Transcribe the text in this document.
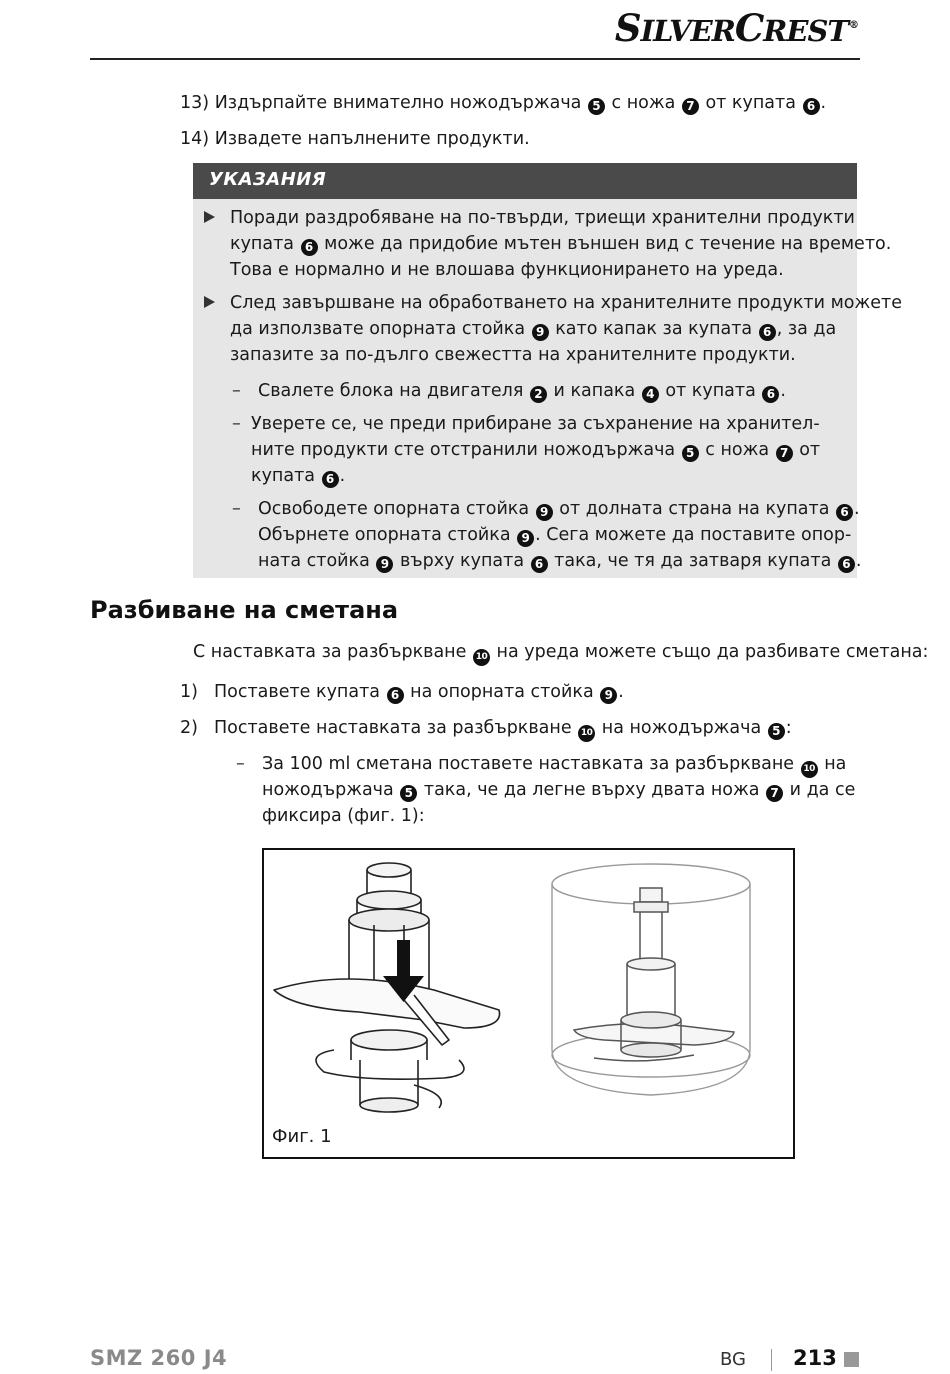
SILVERCREST®
13) Издърпайте внимателно ножодържача 5 с ножа 7 от купата 6 .
14) Извадете напълнените продукти.
УКАЗАНИЯ
Поради раздробяване на по-твърди, триещи хранителни продукти
купата 6 може да придобие мътен външен вид с течение на времето.
Това е нормално и не влошава функционирането на уреда.
След завършване на обработването на хранителните продукти можете
да използвате опорната стойка 9 като капак за купата 6 , за да
запазите за по-дълго свежестта на хранителните продукти.
– Свалете блока на двигателя 2 и капака 4 от купата 6 .
– Уверете се, че преди прибиране за съхранение на хранител-
ните продукти сте отстранили ножодържача 5 с ножа 7 от
купата 6 .
– Освободете опорната стойка 9 от долната страна на купата 6 .
Обърнете опорната стойка 9 . Сега можете да поставите опор-
ната стойка 9 върху купата 6 така, че тя да затваря купата 6 .
Разбиване на сметана
С наставката за разбъркване 10 на уреда можете също да разбивате сметана:
1) Поставете купата 6 на опорната стойка 9 .
2) Поставете наставката за разбъркване 10 на ножодържача 5 :
– За 100 ml сметана поставете наставката за разбъркване 10 на
ножодържача 5 така, че да легне върху двата ножа 7 и да се
фиксира (фиг. 1):
Фиг. 1
SMZ 260 J4	BG 213
